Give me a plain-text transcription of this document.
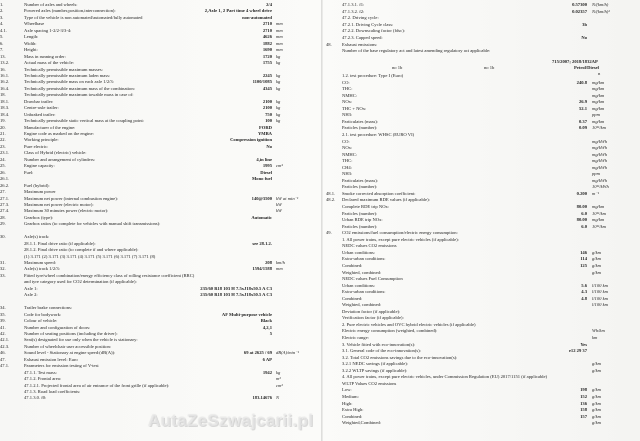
1.	Number of axles and wheels:	2/4
2.	Powered axles (number,position,interconnection):	2,Axle 1, 2 Part time 4 wheel drive
3.	Type of the vehicle is non automated/automated/fully automated	non-automated
4.	Wheelbase	2710 mm
4.1.	Axle spacing 1-2/2-3/3-4:	2710 mm
5.	Length:	4626 mm
6.	Width:	1882 mm
7.	Height:	1690 mm
13.	Mass in running order:	1720 kg
13.2.	Actual mass of the vehicle:	1755 kg
16.	Technically permissible maximum masses:
16.1.	Technically permissible maximum laden mass:	2245 kg
16.2.	Technically permissible mass on each axle 1/2/3:	1100/1085 kg
16.4.	Technically permissible maximum mass of the combination:	4345 kg
18.	Technically permissible maximum towable mass in case of:
18.1.	Drawbar trailer:	2100 kg
18.3.	Centre-axle trailer:	2100 kg
18.4.	Unbraked trailer:	750 kg
19.	Technically permissible static vertical mass at the coupling point:	100 kg
20.	Manufacturer of the engine:	FORD
21.	Engine code as marked on the engine:	YMBA
22.	Working principle:	Compression ignition
23.	Pure electric:	No
23.1.	Class of Hybrid (electric) vehicle:
24.	Number and arrangement of cylinders:	4,in line
25.	Engine capacity:	1995 cm³
26.	Fuel:	Diesel
26.1.	Mono fuel
26.2.	Fuel (hybrid):
27.	Maximum power
27.1.	Maximum net power (internal combustion engine):	140@3500 kW at min⁻¹
27.3.	Maximum net power (electric motor):	kW
27.4.	Maximum 30 minutes power (electric motor):	kW
28.	Gearbox (type):	Automatic
29.	Gearbox ratios (to complete for vehicles with manual shift transmissions):
30.	Axle(s) track:
28.1.1. Final drive ratio (if applicable):	see 28.1.2.
28.1.2. Final drive ratio (to complete if and where applicable):
(1) 3.171 (2) 3.171 (3) 3.171 (4) 3.171 (5) 3.171 (6) 3.171 (7) 3.171 (8)
31.	Maximum speed:	208 km/h
32.	Axle(s) track 1/2/3:	1594/1588 mm
33.	Fitted tyre/wheel combination/energy efficiency class of rolling resistance coefficient (RRC)
and tyre category used for CO2 determination (if applicable):
Axle 1:	235/60 R18 103 H 7.5xJ18x50.5 A C3
Axle 2:	235/60 R18 103 H 7.5xJ18x50.5 A C3
34.	Trailer brake connections:
35.	Code for bodywork:	AF Multi-purpose vehicle
39.	Colour of vehicle:	Black
41.	Number and configuration of doors:	4,2,1
42.	Number of seating positions (including the driver):	5
42.1.	Seat(s) designated for use only when the vehicle is stationary:
42.3.	Number of wheelchair user accessible position:
46.	Sound level - Stationary at engine speed:(dB(A)):	69 at 2625 / 69 dB(A)/min⁻¹
47.	Exhaust emission level: Euro	6 AP
47.1.	Parameters for emission testing of V-test
47.1.1. Test mass:	1942 kg
47.1.2. Frontal area:	m²
47.1.2.1. Projected frontal area of air entrance of the front grille (if applicable):	cm²
47.1.3. Road load coefficients:
47.1.3.0. f0:	183.14676 N
715/2007; 2018/1832AP
no 1b	no 1b	Petrol/Diesel
n
47.1.3.1. f1:	0.57300 N/(km/h)
47.1.3.2. f2:	0.02357 N/(km/h)²
47.2. Driving cycle:
47.2.1. Driving Cycle class:	3b
47.2.2. Downscaling factor (fdsc):
47.2.3. Capped speed:	No
48.	Exhaust emissions:
Number of the base regulatory act and latest amending regulatory act applicable:
1.2. test procedure: Type I (Euro)
CO:	240.8 mg/km
THC:	mg/km
NMHC:	mg/km
NOx:	26.9 mg/km
THC + NOx:	52.1 mg/km
NH3:	ppm
Particulates (mass):	0.37 mg/km
Particles (number):	0.09 10¹¹/km
2.1. test procedure: WHSC (EURO VI)
CO:	mg/kWh
NOx:	mg/kWh
NMHC:	mg/kWh
THC:	mg/kWh
CH4:	mg/kWh
NH3:	ppm
Particulates (mass):	mg/kWh
Particles (number):	10¹¹/kWh
48.1.	Smoke corrected absorption coefficient:	0.200 m⁻¹
48.2.	Declared maximum RDE values (if applicable):
Complete RDE trip NOx:	80.00 mg/km
Particles (number):	6.0 10¹¹/km
Urban RDE trip NOx:	80.00 mg/km
Particles (number):	6.0 10¹¹/km
49.	CO2 emissions/fuel consumption/electric energy consumption:
1. All power trains, except pure electric vehicles (if applicable):
NEDC values CO2 emissions
Urban conditions:	146 g/km
Extra-urban conditions:	114 g/km
Combined:	125 g/km
Weighted, combined:	g/km
NEDC values Fuel Consumption
Urban conditions:	5.6 l/100 km
Extra-urban conditions:	4.3 l/100 km
Combined:	4.8 l/100 km
Weighted, combined:	l/100 km
Deviation factor (if applicable):
Verification factor (if applicable):
2. Pure electric vehicles and OVC hybrid electric vehicles (if applicable)
Electric energy consumption (weighted, combined):	Wh/km
Electric range:	km
3. Vehicle fitted with eco-innovation(s):	Yes
3.1. General code of the eco-innovation(s):	e12 29 37
3.2. Total CO2 emissions savings due to the eco-innovation(s):
3.2.1 NEDC savings (if applicable):	g/km
3.2.2 WLTP savings (if applicable):	g/km
4. All power trains, except pure electric vehicles, under Commission Regulation (EU) 2017/1151 (if applicable)
WLTP Values CO2 emissions
Low:	198 g/km
Medium:	152 g/km
High:	136 g/km
Extra High:	158 g/km
Combined:	157 g/km
Weighted,Combined:	g/km
AutaZeSzwajcarii.pl
